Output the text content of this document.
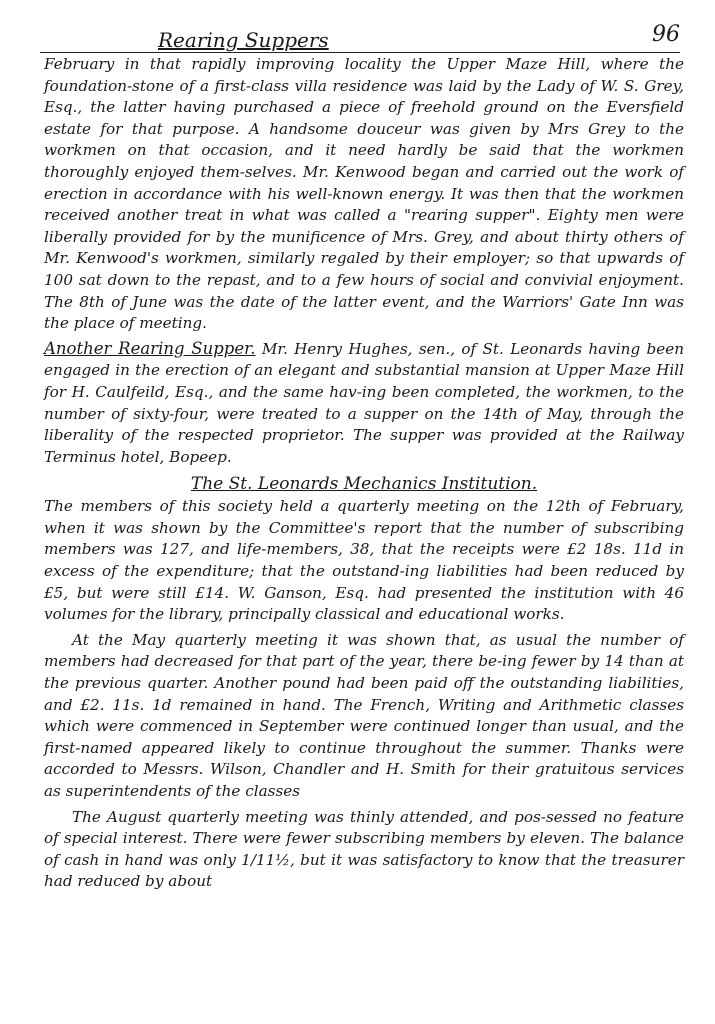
Rearing Suppers	96

February in that rapidly improving locality the Upper Maze Hill, where the foundation-stone of a first-class villa residence was laid by the Lady of W. S. Grey, Esq., the latter having purchased a piece of freehold ground on the Eversfield estate for that purpose. A handsome douceur was given by Mrs Grey to the workmen on that occasion, and it need hardly be said that the workmen thoroughly enjoyed them-selves. Mr. Kenwood began and carried out the work of erection in accordance with his well-known energy. It was then that the workmen received another treat in what was called a "rearing supper". Eighty men were liberally provided for by the munificence of Mrs. Grey, and about thirty others of Mr. Kenwood's workmen, similarly regaled by their employer; so that upwards of 100 sat down to the repast, and to a few hours of social and convivial enjoyment. The 8th of June was the date of the latter event, and the Warriors' Gate Inn was the place of meeting.

Another Rearing Supper. Mr. Henry Hughes, sen., of St. Leonards having been engaged in the erection of an elegant and substantial mansion at Upper Maze Hill for H. Caulfeild, Esq., and the same hav-ing been completed, the workmen, to the number of sixty-four, were treated to a supper on the 14th of May, through the liberality of the respected proprietor. The supper was provided at the Railway Terminus hotel, Bopeep.

The St. Leonards Mechanics Institution.

The members of this society held a quarterly meeting on the 12th of February, when it was shown by the Committee's report that the number of subscribing members was 127, and life-members, 38, that the receipts were £2 18s. 11d in excess of the expenditure; that the outstand-ing liabilities had been reduced by £5, but were still £14. W. Ganson, Esq. had presented the institution with 46 volumes for the library, principally classical and educational works.

At the May quarterly meeting it was shown that, as usual the number of members had decreased for that part of the year, there be-ing fewer by 14 than at the previous quarter. Another pound had been paid off the outstanding liabilities, and £2. 11s. 1d remained in hand. The French, Writing and Arithmetic classes which were commenced in September were continued longer than usual, and the first-named appeared likely to continue throughout the summer. Thanks were accorded to Messrs. Wilson, Chandler and H. Smith for their gratuitous services as superintendents of the classes

The August quarterly meeting was thinly attended, and pos-sessed no feature of special interest. There were fewer subscribing members by eleven. The balance of cash in hand was only 1/11½, but it was satisfactory to know that the treasurer had reduced by about
